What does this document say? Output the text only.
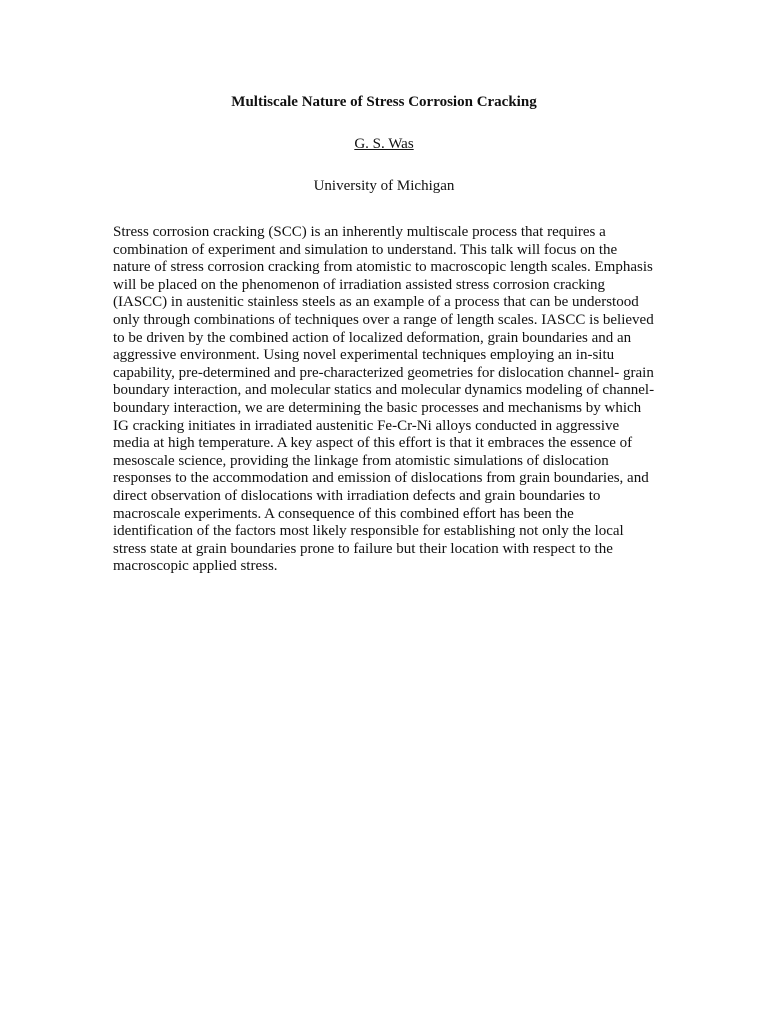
Multiscale Nature of Stress Corrosion Cracking

G. S. Was

University of Michigan

Stress corrosion cracking (SCC) is an inherently multiscale process that requires a
combination of experiment and simulation to understand. This talk will focus on the
nature of stress corrosion cracking from atomistic to macroscopic length scales. Emphasis
will be placed on the phenomenon of irradiation assisted stress corrosion cracking
(IASCC) in austenitic stainless steels as an example of a process that can be understood
only through combinations of techniques over a range of length scales. IASCC is believed
to be driven by the combined action of localized deformation, grain boundaries and an
aggressive environment. Using novel experimental techniques employing an in-situ
capability, pre-determined and pre-characterized geometries for dislocation channel- grain
boundary interaction, and molecular statics and molecular dynamics modeling of channel-
boundary interaction, we are determining the basic processes and mechanisms by which
IG cracking initiates in irradiated austenitic Fe-Cr-Ni alloys conducted in aggressive
media at high temperature. A key aspect of this effort is that it embraces the essence of
mesoscale science, providing the linkage from atomistic simulations of dislocation
responses to the accommodation and emission of dislocations from grain boundaries, and
direct observation of dislocations with irradiation defects and grain boundaries to
macroscale experiments. A consequence of this combined effort has been the
identification of the factors most likely responsible for establishing not only the local
stress state at grain boundaries prone to failure but their location with respect to the
macroscopic applied stress.
